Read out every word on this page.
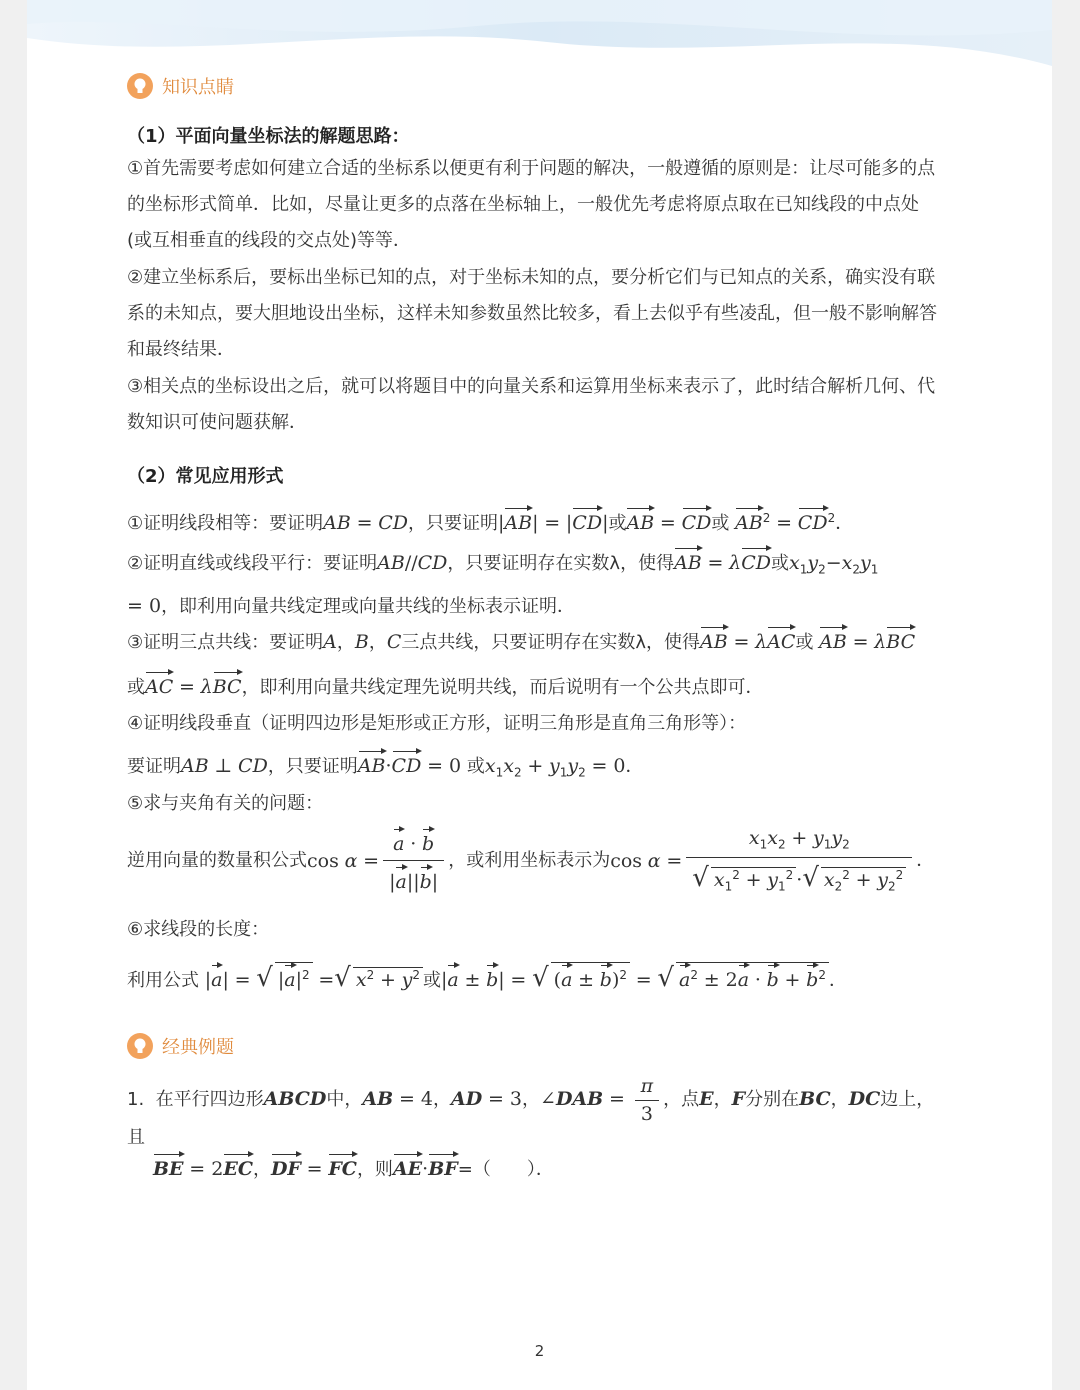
知识点睛
（1）平面向量坐标法的解题思路：
①首先需要考虑如何建立合适的坐标系以便更有利于问题的解决，一般遵循的原则是：让尽可能多的点
的坐标形式简单．比如，尽量让更多的点落在坐标轴上，一般优先考虑将原点取在已知线段的中点处
(或互相垂直的线段的交点处)等等．
②建立坐标系后，要标出坐标已知的点，对于坐标未知的点，要分析它们与已知点的关系，确实没有联
系的未知点，要大胆地设出坐标，这样未知参数虽然比较多，看上去似乎有些凌乱，但一般不影响解答
和最终结果．
③相关点的坐标设出之后，就可以将题目中的向量关系和运算用坐标来表示了，此时结合解析几何、代
数知识可使问题获解．
（2）常见应用形式
①证明线段相等：要证明AB = CD，只要证明|AB| = |CD|或AB = CD或 $AB^2 = CD^2$．
②证明直线或线段平行：要证明AB//CD，只要证明存在实数λ，使得AB = λCD或$x_1y_2-x_2y_1$
= 0，即利用向量共线定理或向量共线的坐标表示证明．
③证明三点共线：要证明A，B，C三点共线，只要证明存在实数λ，使得AB = λAC或 AB = λBC
或AC = λBC，即利用向量共线定理先说明共线，而后说明有一个公共点即可．
④证明线段垂直（证明四边形是矩形或正方形，证明三角形是直角三角形等）：
要证明AB ⊥ CD，只要证明AB·CD = 0 或$x_1x_2 + y_1y_2 = 0$．
⑤求与夹角有关的问题：
逆用向量的数量积公式 cos
α
= $\frac{a \cdot b}{|a||b|}$ ，或利用坐标表示为 cos
α
= $\frac{x_1x_2 + y_1y_2}{√ x_1^2 + y_1^2 \cdot√ x_2^2 + y_2^2}$ ．
⑥求线段的长度：
利用公式 |a| = √ $|a|^2$ =√ $x^2 + y^2$ 或|a ± b| = √ $(a \pm b)^2$ = √ $a^2 \pm 2a \cdot b + b^2$ ．
经典例题
1. 在平行四边形ABCD中，AB = 4，AD = 3，∠DAB = $\frac{\pi}{3}$ ，点E，F分别在BC，DC边上，且
BE = 2EC，DF = FC，则AE·BF=（　　）．
2
